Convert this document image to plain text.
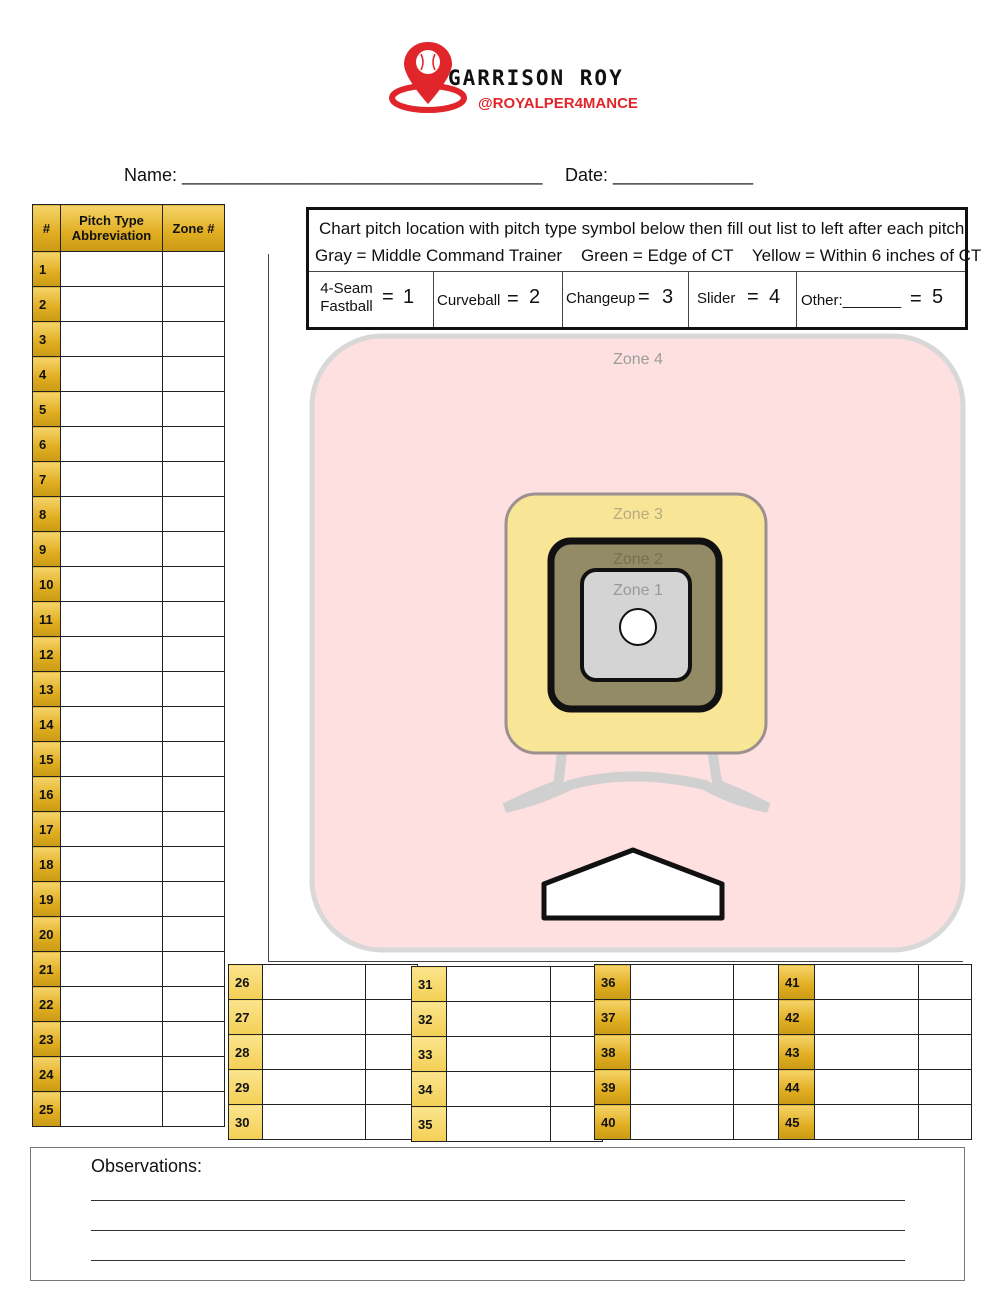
GARRISON ROY
@ROYALPER4MANCE
Name: ____________________________________ Date: ______________
#	Pitch Type Abbreviation	Zone #
1		
2		
3		
4		
5		
6		
7		
8		
9		
10		
11		
12		
13		
14		
15		
16		
17		
18		
19		
20		
21		
22		
23		
24		
25		
26		
27		
28		
29		
30		
31		
32		
33		
34		
35		
36		
37		
38		
39		
40		
41		
42		
43		
44		
45		
Zone 4
Zone 3
Zone 2
Zone 1
Chart pitch location with pitch type symbol below then fill out list to left after each pitch.
Gray = Middle Command Trainer    Green = Edge of CT    Yellow = Within 6 inches of CT
4-Seam Fastball = 1 Curveball = 2 Changeup = 3 Slider = 4 Other:_______ = 5
Observations:
